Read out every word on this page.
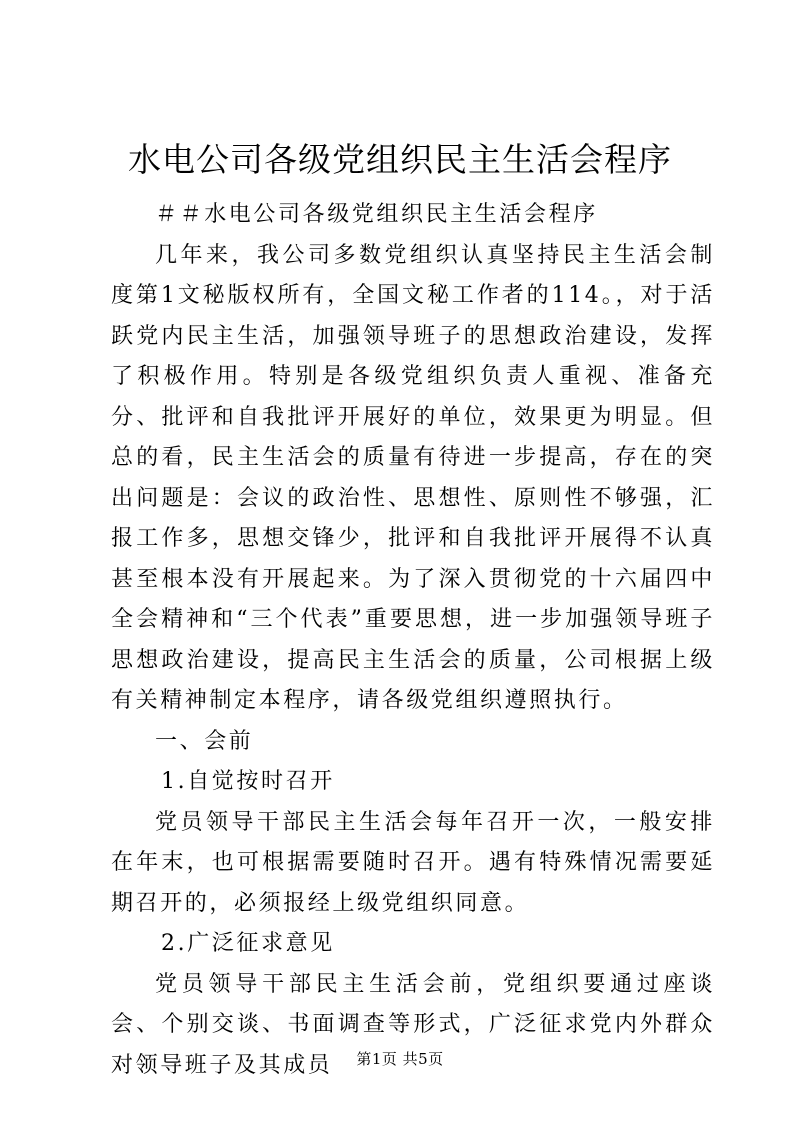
水电公司各级党组织民主生活会程序

＃＃水电公司各级党组织民主生活会程序

几年来，我公司多数党组织认真坚持民主生活会制度第1文秘版权所有，全国文秘工作者的114。，对于活跃党内民主生活，加强领导班子的思想政治建设，发挥了积极作用。特别是各级党组织负责人重视、准备充分、批评和自我批评开展好的单位，效果更为明显。但总的看，民主生活会的质量有待进一步提高，存在的突出问题是：会议的政治性、思想性、原则性不够强，汇报工作多，思想交锋少，批评和自我批评开展得不认真甚至根本没有开展起来。为了深入贯彻党的十六届四中全会精神和“三个代表”重要思想，进一步加强领导班子思想政治建设，提高民主生活会的质量，公司根据上级有关精神制定本程序，请各级党组织遵照执行。

一、会前

1.自觉按时召开

党员领导干部民主生活会每年召开一次，一般安排在年末，也可根据需要随时召开。遇有特殊情况需要延期召开的，必须报经上级党组织同意。

2.广泛征求意见

党员领导干部民主生活会前，党组织要通过座谈会、个别交谈、书面调查等形式，广泛征求党内外群众对领导班子及其成员	第1页 共5页
